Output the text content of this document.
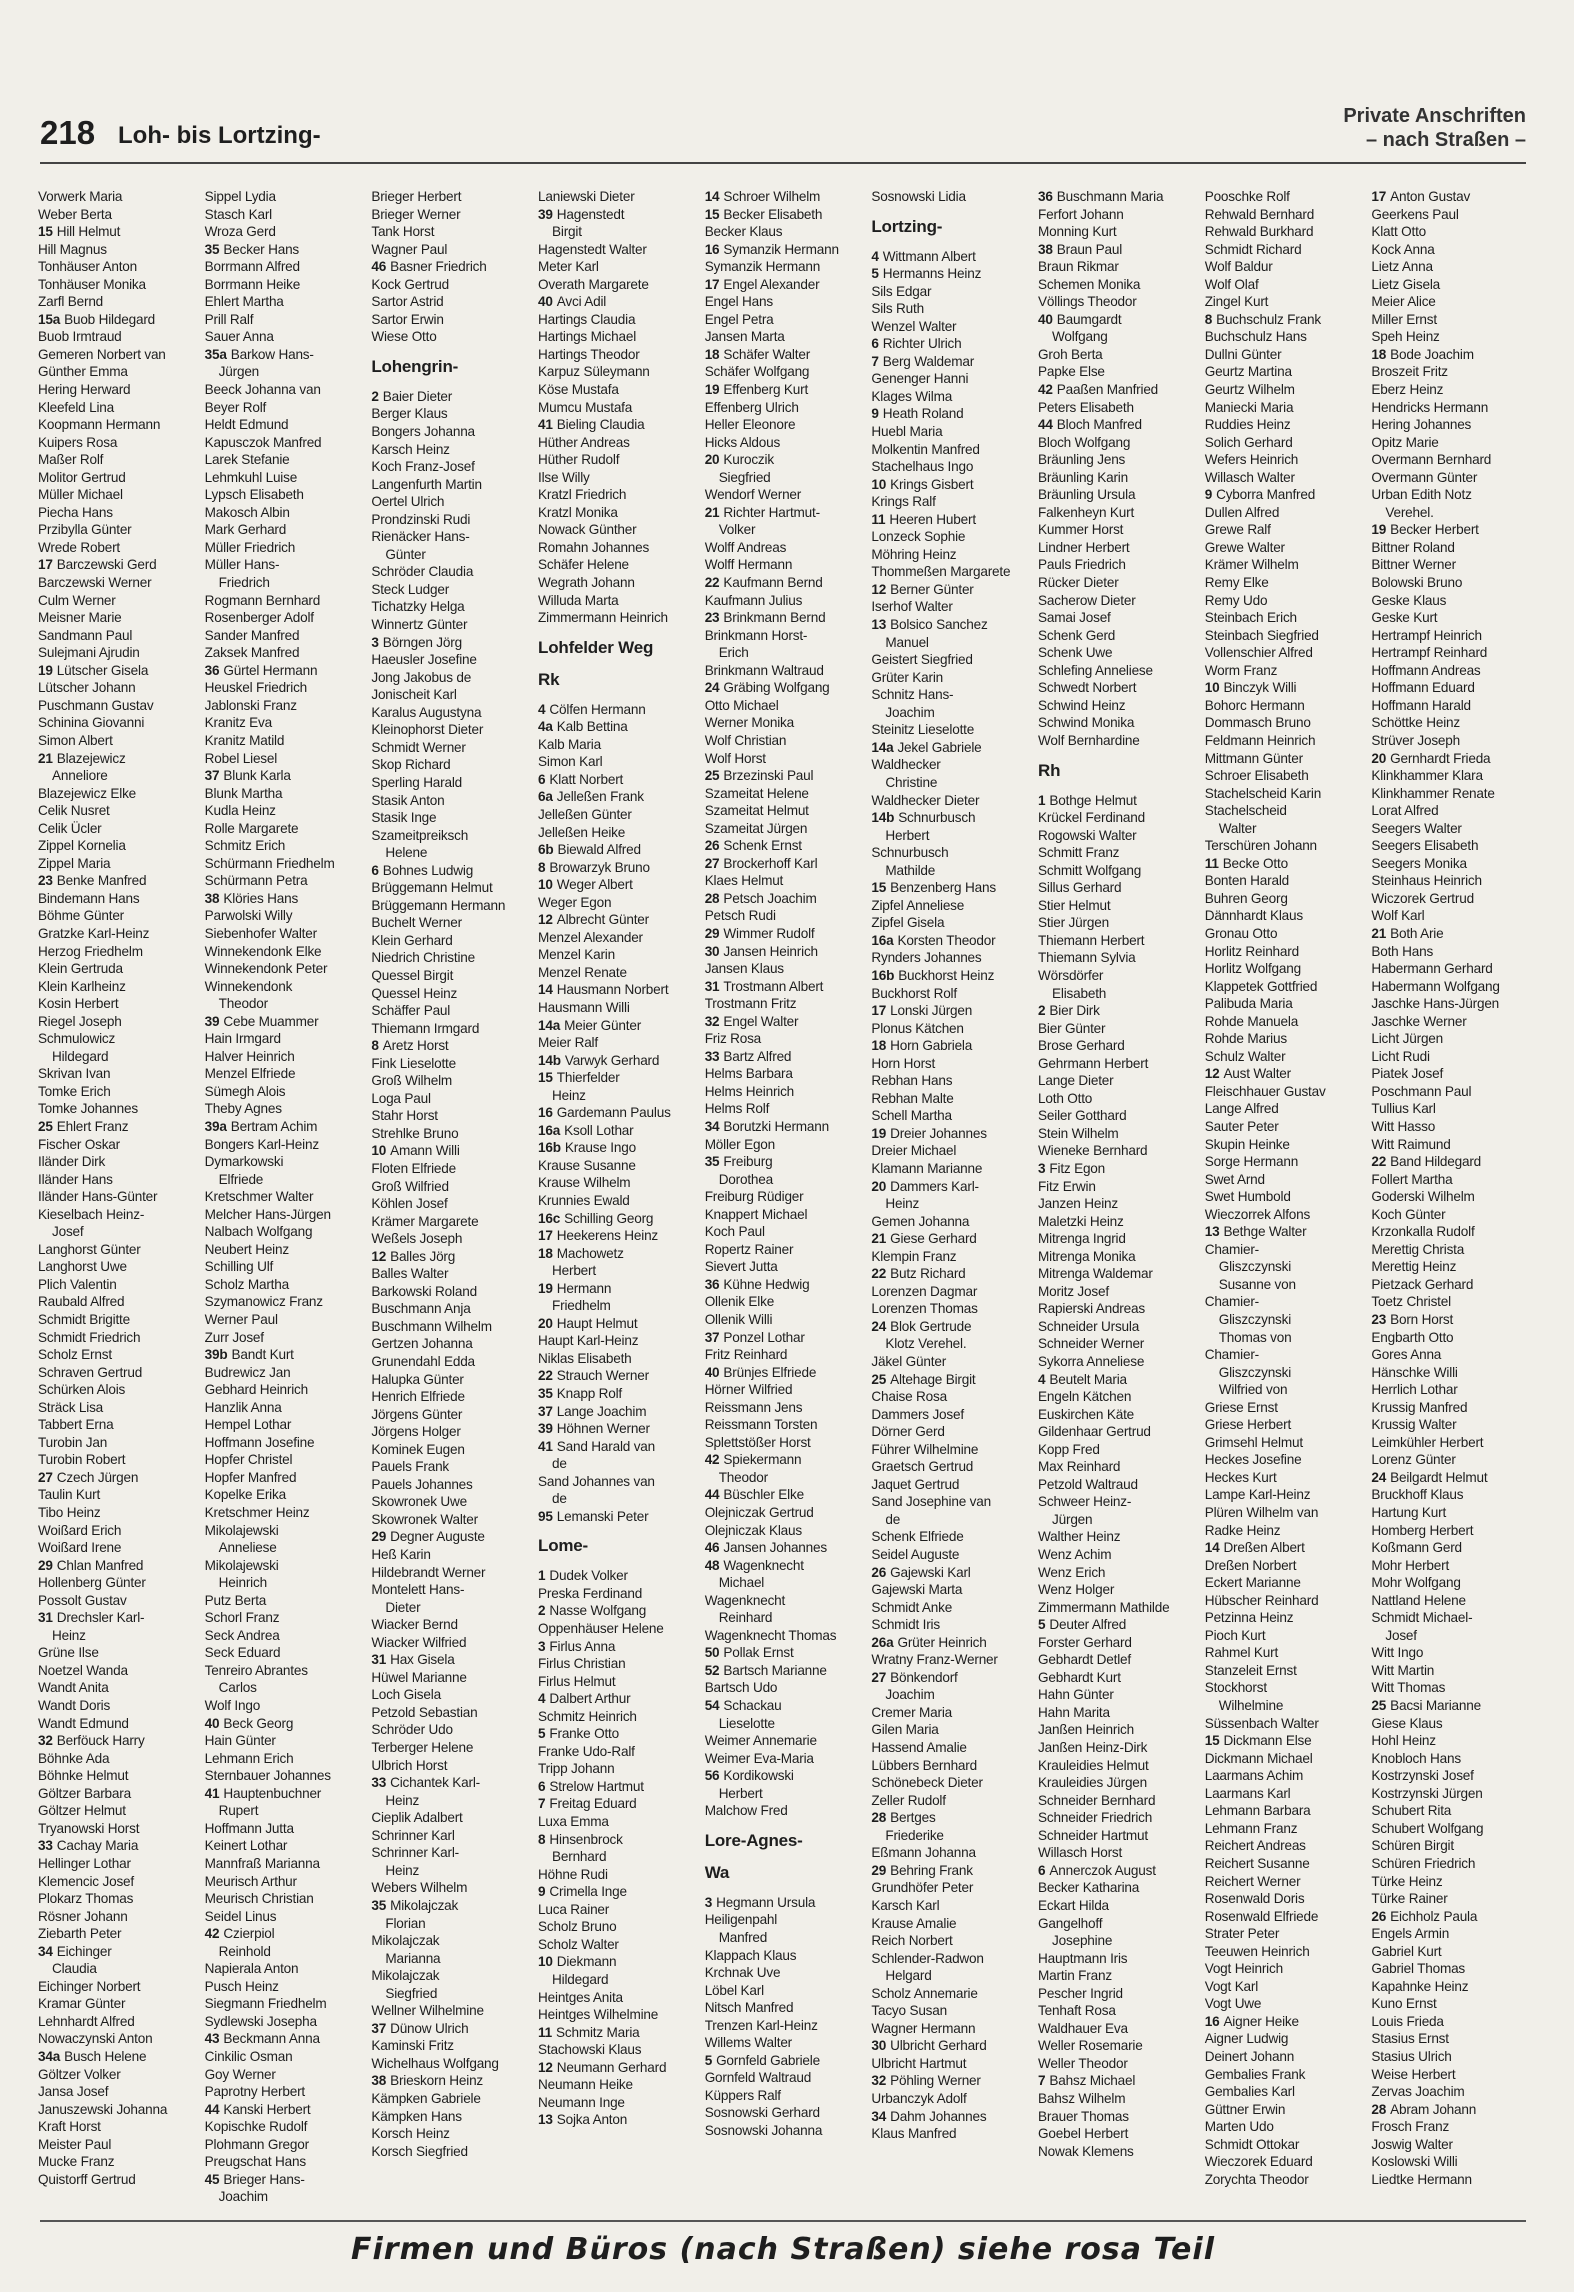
218 Loh- bis Lortzing-
Private Anschriften
– nach Straßen –
Vorwerk Maria
Weber Berta
15 Hill Helmut
Hill Magnus
Tonhäuser Anton
Tonhäuser Monika
Zarfl Bernd
15a Buob Hildegard
Buob Irmtraud
Gemeren Norbert van
Günther Emma
Hering Herward
Kleefeld Lina
Koopmann Hermann
Kuipers Rosa
Maßer Rolf
Molitor Gertrud
Müller Michael
Piecha Hans
Przibylla Günter
Wrede Robert
17 Barczewski Gerd
Barczewski Werner
Culm Werner
Meisner Marie
Sandmann Paul
Sulejmani Ajrudin
19 Lütscher Gisela
Lütscher Johann
Puschmann Gustav
Schinina Giovanni
Simon Albert
21 Blazejewicz
Anneliore
Blazejewicz Elke
Celik Nusret
Celik Ücler
Zippel Kornelia
Zippel Maria
23 Benke Manfred
Bindemann Hans
Böhme Günter
Gratzke Karl-Heinz
Herzog Friedhelm
Klein Gertruda
Klein Karlheinz
Kosin Herbert
Riegel Joseph
Schmulowicz
Hildegard
Skrivan Ivan
Tomke Erich
Tomke Johannes
25 Ehlert Franz
Fischer Oskar
Iländer Dirk
Iländer Hans
Iländer Hans-Günter
Kieselbach Heinz-
Josef
Langhorst Günter
Langhorst Uwe
Plich Valentin
Raubald Alfred
Schmidt Brigitte
Schmidt Friedrich
Scholz Ernst
Schraven Gertrud
Schürken Alois
Sträck Lisa
Tabbert Erna
Turobin Jan
Turobin Robert
27 Czech Jürgen
Taulin Kurt
Tibo Heinz
Woißard Erich
Woißard Irene
29 Chlan Manfred
Hollenberg Günter
Possolt Gustav
31 Drechsler Karl-
Heinz
Grüne Ilse
Noetzel Wanda
Wandt Anita
Wandt Doris
Wandt Edmund
32 Berföuck Harry
Böhnke Ada
Böhnke Helmut
Göltzer Barbara
Göltzer Helmut
Tryanowski Horst
33 Cachay Maria
Hellinger Lothar
Klemencic Josef
Plokarz Thomas
Rösner Johann
Ziebarth Peter
34 Eichinger
Claudia
Eichinger Norbert
Kramar Günter
Lehnhardt Alfred
Nowaczynski Anton
34a Busch Helene
Göltzer Volker
Jansa Josef
Januszewski Johanna
Kraft Horst
Meister Paul
Mucke Franz
Quistorff Gertrud
Sippel Lydia
Stasch Karl
Wroza Gerd
35 Becker Hans
Borrmann Alfred
Borrmann Heike
Ehlert Martha
Prill Ralf
Sauer Anna
35a Barkow Hans-
Jürgen
Beeck Johanna van
Beyer Rolf
Heldt Edmund
Kapusczok Manfred
Larek Stefanie
Lehmkuhl Luise
Lypsch Elisabeth
Makosch Albin
Mark Gerhard
Müller Friedrich
Müller Hans-
Friedrich
Rogmann Bernhard
Rosenberger Adolf
Sander Manfred
Zaksek Manfred
36 Gürtel Hermann
Heuskel Friedrich
Jablonski Franz
Kranitz Eva
Kranitz Matild
Robel Liesel
37 Blunk Karla
Blunk Martha
Kudla Heinz
Rolle Margarete
Schmitz Erich
Schürmann Friedhelm
Schürmann Petra
38 Klöries Hans
Parwolski Willy
Siebenhofer Walter
Winnekendonk Elke
Winnekendonk Peter
Winnekendonk
Theodor
39 Cebe Muammer
Hain Irmgard
Halver Heinrich
Menzel Elfriede
Sümegh Alois
Theby Agnes
39a Bertram Achim
Bongers Karl-Heinz
Dymarkowski
Elfriede
Kretschmer Walter
Melcher Hans-Jürgen
Nalbach Wolfgang
Neubert Heinz
Schilling Ulf
Scholz Martha
Szymanowicz Franz
Werner Paul
Zurr Josef
39b Bandt Kurt
Budrewicz Jan
Gebhard Heinrich
Hanzlik Anna
Hempel Lothar
Hoffmann Josefine
Hopfer Christel
Hopfer Manfred
Kopelke Erika
Kretschmer Heinz
Mikolajewski
Anneliese
Mikolajewski
Heinrich
Putz Berta
Schorl Franz
Seck Andrea
Seck Eduard
Tenreiro Abrantes
Carlos
Wolf Ingo
40 Beck Georg
Hain Günter
Lehmann Erich
Sternbauer Johannes
41 Hauptenbuchner
Rupert
Hoffmann Jutta
Keinert Lothar
Mannfraß Marianna
Meurisch Arthur
Meurisch Christian
Seidel Linus
42 Czierpiol
Reinhold
Napierala Anton
Pusch Heinz
Siegmann Friedhelm
Sydlewski Josepha
43 Beckmann Anna
Cinkilic Osman
Goy Werner
Paprotny Herbert
44 Kanski Herbert
Kopischke Rudolf
Plohmann Gregor
Preugschat Hans
45 Brieger Hans-
Joachim
Brieger Herbert
Brieger Werner
Tank Horst
Wagner Paul
46 Basner Friedrich
Kock Gertrud
Sartor Astrid
Sartor Erwin
Wiese Otto
Lohengrin-
2 Baier Dieter
Berger Klaus
Bongers Johanna
Karsch Heinz
Koch Franz-Josef
Langenfurth Martin
Oertel Ulrich
Prondzinski Rudi
Rienäcker Hans-
Günter
Schröder Claudia
Steck Ludger
Tichatzky Helga
Winnertz Günter
3 Börngen Jörg
Haeusler Josefine
Jong Jakobus de
Jonischeit Karl
Karalus Augustyna
Kleinophorst Dieter
Schmidt Werner
Skop Richard
Sperling Harald
Stasik Anton
Stasik Inge
Szameitpreiksch
Helene
6 Bohnes Ludwig
Brüggemann Helmut
Brüggemann Hermann
Buchelt Werner
Klein Gerhard
Niedrich Christine
Quessel Birgit
Quessel Heinz
Schäffer Paul
Thiemann Irmgard
8 Aretz Horst
Fink Lieselotte
Groß Wilhelm
Loga Paul
Stahr Horst
Strehlke Bruno
10 Amann Willi
Floten Elfriede
Groß Wilfried
Köhlen Josef
Krämer Margarete
Weßels Joseph
12 Balles Jörg
Balles Walter
Barkowski Roland
Buschmann Anja
Buschmann Wilhelm
Gertzen Johanna
Grunendahl Edda
Halupka Günter
Henrich Elfriede
Jörgens Günter
Jörgens Holger
Kominek Eugen
Pauels Frank
Pauels Johannes
Skowronek Uwe
Skowronek Walter
29 Degner Auguste
Heß Karin
Hildebrandt Werner
Montelett Hans-
Dieter
Wiacker Bernd
Wiacker Wilfried
31 Hax Gisela
Hüwel Marianne
Loch Gisela
Petzold Sebastian
Schröder Udo
Terberger Helene
Ulbrich Horst
33 Cichantek Karl-
Heinz
Cieplik Adalbert
Schrinner Karl
Schrinner Karl-
Heinz
Webers Wilhelm
35 Mikolajczak
Florian
Mikolajczak
Marianna
Mikolajczak
Siegfried
Wellner Wilhelmine
37 Dünow Ulrich
Kaminski Fritz
Wichelhaus Wolfgang
38 Brieskorn Heinz
Kämpken Gabriele
Kämpken Hans
Korsch Heinz
Korsch Siegfried
Laniewski Dieter
39 Hagenstedt
Birgit
Hagenstedt Walter
Meter Karl
Overath Margarete
40 Avci Adil
Hartings Claudia
Hartings Michael
Hartings Theodor
Karpuz Süleymann
Köse Mustafa
Mumcu Mustafa
41 Bieling Claudia
Hüther Andreas
Hüther Rudolf
Ilse Willy
Kratzl Friedrich
Kratzl Monika
Nowack Günther
Romahn Johannes
Schäfer Helene
Wegrath Johann
Willuda Marta
Zimmermann Heinrich
Lohfelder Weg
Rk
4 Cölfen Hermann
4a Kalb Bettina
Kalb Maria
Simon Karl
6 Klatt Norbert
6a Jelleßen Frank
Jelleßen Günter
Jelleßen Heike
6b Biewald Alfred
8 Browarzyk Bruno
10 Weger Albert
Weger Egon
12 Albrecht Günter
Menzel Alexander
Menzel Karin
Menzel Renate
14 Hausmann Norbert
Hausmann Willi
14a Meier Günter
Meier Ralf
14b Varwyk Gerhard
15 Thierfelder
Heinz
16 Gardemann Paulus
16a Ksoll Lothar
16b Krause Ingo
Krause Susanne
Krause Wilhelm
Krunnies Ewald
16c Schilling Georg
17 Heekerens Heinz
18 Machowetz
Herbert
19 Hermann
Friedhelm
20 Haupt Helmut
Haupt Karl-Heinz
Niklas Elisabeth
22 Strauch Werner
35 Knapp Rolf
37 Lange Joachim
39 Höhnen Werner
41 Sand Harald van
de
Sand Johannes van
de
95 Lemanski Peter
Lome-
1 Dudek Volker
Preska Ferdinand
2 Nasse Wolfgang
Oppenhäuser Helene
3 Firlus Anna
Firlus Christian
Firlus Helmut
4 Dalbert Arthur
Schmitz Heinrich
5 Franke Otto
Franke Udo-Ralf
Tripp Johann
6 Strelow Hartmut
7 Freitag Eduard
Luxa Emma
8 Hinsenbrock
Bernhard
Höhne Rudi
9 Crimella Inge
Luca Rainer
Scholz Bruno
Scholz Walter
10 Diekmann
Hildegard
Heintges Anita
Heintges Wilhelmine
11 Schmitz Maria
Stachowski Klaus
12 Neumann Gerhard
Neumann Heike
Neumann Inge
13 Sojka Anton
14 Schroer Wilhelm
15 Becker Elisabeth
Becker Klaus
16 Symanzik Hermann
Symanzik Hermann
17 Engel Alexander
Engel Hans
Engel Petra
Jansen Marta
18 Schäfer Walter
Schäfer Wolfgang
19 Effenberg Kurt
Effenberg Ulrich
Heller Eleonore
Hicks Aldous
20 Kuroczik
Siegfried
Wendorf Werner
21 Richter Hartmut-
Volker
Wolff Andreas
Wolff Hermann
22 Kaufmann Bernd
Kaufmann Julius
23 Brinkmann Bernd
Brinkmann Horst-
Erich
Brinkmann Waltraud
24 Gräbing Wolfgang
Otto Michael
Werner Monika
Wolf Christian
Wolf Horst
25 Brzezinski Paul
Szameitat Helene
Szameitat Helmut
Szameitat Jürgen
26 Schenk Ernst
27 Brockerhoff Karl
Klaes Helmut
28 Petsch Joachim
Petsch Rudi
29 Wimmer Rudolf
30 Jansen Heinrich
Jansen Klaus
31 Trostmann Albert
Trostmann Fritz
32 Engel Walter
Friz Rosa
33 Bartz Alfred
Helms Barbara
Helms Heinrich
Helms Rolf
34 Borutzki Hermann
Möller Egon
35 Freiburg
Dorothea
Freiburg Rüdiger
Knappert Michael
Koch Paul
Ropertz Rainer
Sievert Jutta
36 Kühne Hedwig
Ollenik Elke
Ollenik Willi
37 Ponzel Lothar
Fritz Reinhard
40 Brünjes Elfriede
Hörner Wilfried
Reissmann Jens
Reissmann Torsten
Splettstößer Horst
42 Spiekermann
Theodor
44 Büschler Elke
Olejniczak Gertrud
Olejniczak Klaus
46 Jansen Johannes
48 Wagenknecht
Michael
Wagenknecht
Reinhard
Wagenknecht Thomas
50 Pollak Ernst
52 Bartsch Marianne
Bartsch Udo
54 Schackau
Lieselotte
Weimer Annemarie
Weimer Eva-Maria
56 Kordikowski
Herbert
Malchow Fred
Lore-Agnes-
Wa
3 Hegmann Ursula
Heiligenpahl
Manfred
Klappach Klaus
Krchnak Uve
Löbel Karl
Nitsch Manfred
Trenzen Karl-Heinz
Willems Walter
5 Gornfeld Gabriele
Gornfeld Waltraud
Küppers Ralf
Sosnowski Gerhard
Sosnowski Johanna
Sosnowski Lidia
Lortzing-
4 Wittmann Albert
5 Hermanns Heinz
Sils Edgar
Sils Ruth
Wenzel Walter
6 Richter Ulrich
7 Berg Waldemar
Genenger Hanni
Klages Wilma
9 Heath Roland
Huebl Maria
Molkentin Manfred
Stachelhaus Ingo
10 Krings Gisbert
Krings Ralf
11 Heeren Hubert
Lonzeck Sophie
Möhring Heinz
Thommeßen Margarete
12 Berner Günter
Iserhof Walter
13 Bolsico Sanchez
Manuel
Geistert Siegfried
Grüter Karin
Schnitz Hans-
Joachim
Steinitz Lieselotte
14a Jekel Gabriele
Waldhecker
Christine
Waldhecker Dieter
14b Schnurbusch
Herbert
Schnurbusch
Mathilde
15 Benzenberg Hans
Zipfel Anneliese
Zipfel Gisela
16a Korsten Theodor
Rynders Johannes
16b Buckhorst Heinz
Buckhorst Rolf
17 Lonski Jürgen
Plonus Kätchen
18 Horn Gabriela
Horn Horst
Rebhan Hans
Rebhan Malte
Schell Martha
19 Dreier Johannes
Dreier Michael
Klamann Marianne
20 Dammers Karl-
Heinz
Gemen Johanna
21 Giese Gerhard
Klempin Franz
22 Butz Richard
Lorenzen Dagmar
Lorenzen Thomas
24 Blok Gertrude
Klotz Verehel.
Jäkel Günter
25 Altehage Birgit
Chaise Rosa
Dammers Josef
Dörner Gerd
Führer Wilhelmine
Graetsch Gertrud
Jaquet Gertrud
Sand Josephine van
de
Schenk Elfriede
Seidel Auguste
26 Gajewski Karl
Gajewski Marta
Schmidt Anke
Schmidt Iris
26a Grüter Heinrich
Wratny Franz-Werner
27 Bönkendorf
Joachim
Cremer Maria
Gilen Maria
Hassend Amalie
Lübbers Bernhard
Schönebeck Dieter
Zeller Rudolf
28 Bertges
Friederike
Eßmann Johanna
29 Behring Frank
Grundhöfer Peter
Karsch Karl
Krause Amalie
Reich Norbert
Schlender-Radwon
Helgard
Scholz Annemarie
Tacyo Susan
Wagner Hermann
30 Ulbricht Gerhard
Ulbricht Hartmut
32 Pöhling Werner
Urbanczyk Adolf
34 Dahm Johannes
Klaus Manfred
36 Buschmann Maria
Ferfort Johann
Monning Kurt
38 Braun Paul
Braun Rikmar
Schemen Monika
Völlings Theodor
40 Baumgardt
Wolfgang
Groh Berta
Papke Else
42 Paaßen Manfried
Peters Elisabeth
44 Bloch Manfred
Bloch Wolfgang
Bräunling Jens
Bräunling Karin
Bräunling Ursula
Falkenheyn Kurt
Kummer Horst
Lindner Herbert
Pauls Friedrich
Rücker Dieter
Sacherow Dieter
Samai Josef
Schenk Gerd
Schenk Uwe
Schlefing Anneliese
Schwedt Norbert
Schwind Heinz
Schwind Monika
Wolf Bernhardine
Rh
1 Bothge Helmut
Krückel Ferdinand
Rogowski Walter
Schmitt Franz
Schmitt Wolfgang
Sillus Gerhard
Stier Helmut
Stier Jürgen
Thiemann Herbert
Thiemann Sylvia
Wörsdörfer
Elisabeth
2 Bier Dirk
Bier Günter
Brose Gerhard
Gehrmann Herbert
Lange Dieter
Loth Otto
Seiler Gotthard
Stein Wilhelm
Wieneke Bernhard
3 Fitz Egon
Fitz Erwin
Janzen Heinz
Maletzki Heinz
Mitrenga Ingrid
Mitrenga Monika
Mitrenga Waldemar
Moritz Josef
Rapierski Andreas
Schneider Ursula
Schneider Werner
Sykorra Anneliese
4 Beutelt Maria
Engeln Kätchen
Euskirchen Käte
Gildenhaar Gertrud
Kopp Fred
Max Reinhard
Petzold Waltraud
Schweer Heinz-
Jürgen
Walther Heinz
Wenz Achim
Wenz Erich
Wenz Holger
Zimmermann Mathilde
5 Deuter Alfred
Forster Gerhard
Gebhardt Detlef
Gebhardt Kurt
Hahn Günter
Hahn Marita
Janßen Heinrich
Janßen Heinz-Dirk
Krauleidies Helmut
Krauleidies Jürgen
Schneider Bernhard
Schneider Friedrich
Schneider Hartmut
Willasch Horst
6 Annerczok August
Becker Katharina
Eckart Hilda
Gangelhoff
Josephine
Hauptmann Iris
Martin Franz
Pescher Ingrid
Tenhaft Rosa
Waldhauer Eva
Weller Rosemarie
Weller Theodor
7 Bahsz Michael
Bahsz Wilhelm
Brauer Thomas
Goebel Herbert
Nowak Klemens
Pooschke Rolf
Rehwald Bernhard
Rehwald Burkhard
Schmidt Richard
Wolf Baldur
Wolf Olaf
Zingel Kurt
8 Buchschulz Frank
Buchschulz Hans
Dullni Günter
Geurtz Martina
Geurtz Wilhelm
Maniecki Maria
Ruddies Heinz
Solich Gerhard
Wefers Heinrich
Willasch Walter
9 Cyborra Manfred
Dullen Alfred
Grewe Ralf
Grewe Walter
Krämer Wilhelm
Remy Elke
Remy Udo
Steinbach Erich
Steinbach Siegfried
Vollenschier Alfred
Worm Franz
10 Binczyk Willi
Bohorc Hermann
Dommasch Bruno
Feldmann Heinrich
Mittmann Günter
Schroer Elisabeth
Stachelscheid Karin
Stachelscheid
Walter
Terschüren Johann
11 Becke Otto
Bonten Harald
Buhren Georg
Dännhardt Klaus
Gronau Otto
Horlitz Reinhard
Horlitz Wolfgang
Klappetek Gottfried
Palibuda Maria
Rohde Manuela
Rohde Marius
Schulz Walter
12 Aust Walter
Fleischhauer Gustav
Lange Alfred
Sauter Peter
Skupin Heinke
Sorge Hermann
Swet Arnd
Swet Humbold
Wieczorrek Alfons
13 Bethge Walter
Chamier-
Gliszczynski
Susanne von
Chamier-
Gliszczynski
Thomas von
Chamier-
Gliszczynski
Wilfried von
Griese Ernst
Griese Herbert
Grimsehl Helmut
Heckes Josefine
Heckes Kurt
Lampe Karl-Heinz
Plüren Wilhelm van
Radke Heinz
14 Dreßen Albert
Dreßen Norbert
Eckert Marianne
Hübscher Reinhard
Petzinna Heinz
Pioch Kurt
Rahmel Kurt
Stanzeleit Ernst
Stockhorst
Wilhelmine
Süssenbach Walter
15 Dickmann Else
Dickmann Michael
Laarmans Achim
Laarmans Karl
Lehmann Barbara
Lehmann Franz
Reichert Andreas
Reichert Susanne
Reichert Werner
Rosenwald Doris
Rosenwald Elfriede
Strater Peter
Teeuwen Heinrich
Vogt Heinrich
Vogt Karl
Vogt Uwe
16 Aigner Heike
Aigner Ludwig
Deinert Johann
Gembalies Frank
Gembalies Karl
Güttner Erwin
Marten Udo
Schmidt Ottokar
Wieczorek Eduard
Zorychta Theodor
17 Anton Gustav
Geerkens Paul
Klatt Otto
Kock Anna
Lietz Anna
Lietz Gisela
Meier Alice
Miller Ernst
Speh Heinz
18 Bode Joachim
Broszeit Fritz
Eberz Heinz
Hendricks Hermann
Hering Johannes
Opitz Marie
Overmann Bernhard
Overmann Günter
Urban Edith Notz
Verehel.
19 Becker Herbert
Bittner Roland
Bittner Werner
Bolowski Bruno
Geske Klaus
Geske Kurt
Hertrampf Heinrich
Hertrampf Reinhard
Hoffmann Andreas
Hoffmann Eduard
Hoffmann Harald
Schöttke Heinz
Strüver Joseph
20 Gernhardt Frieda
Klinkhammer Klara
Klinkhammer Renate
Lorat Alfred
Seegers Walter
Seegers Elisabeth
Seegers Monika
Steinhaus Heinrich
Wiczorek Gertrud
Wolf Karl
21 Both Arie
Both Hans
Habermann Gerhard
Habermann Wolfgang
Jaschke Hans-Jürgen
Jaschke Werner
Licht Jürgen
Licht Rudi
Piatek Josef
Poschmann Paul
Tullius Karl
Witt Hasso
Witt Raimund
22 Band Hildegard
Follert Martha
Goderski Wilhelm
Koch Günter
Krzonkalla Rudolf
Merettig Christa
Merettig Heinz
Pietzack Gerhard
Toetz Christel
23 Born Horst
Engbarth Otto
Gores Anna
Hänschke Willi
Herrlich Lothar
Krussig Manfred
Krussig Walter
Leimkühler Herbert
Lorenz Günter
24 Beilgardt Helmut
Bruckhoff Klaus
Hartung Kurt
Homberg Herbert
Koßmann Gerd
Mohr Herbert
Mohr Wolfgang
Nattland Helene
Schmidt Michael-
Josef
Witt Ingo
Witt Martin
Witt Thomas
25 Bacsi Marianne
Giese Klaus
Hohl Heinz
Knobloch Hans
Kostrzynski Josef
Kostrzynski Jürgen
Schubert Rita
Schubert Wolfgang
Schüren Birgit
Schüren Friedrich
Türke Heinz
Türke Rainer
26 Eichholz Paula
Engels Armin
Gabriel Kurt
Gabriel Thomas
Kapahnke Heinz
Kuno Ernst
Louis Frieda
Stasius Ernst
Stasius Ulrich
Weise Herbert
Zervas Joachim
28 Abram Johann
Frosch Franz
Joswig Walter
Koslowski Willi
Liedtke Hermann
Firmen und Büros (nach Straßen) siehe rosa Teil
